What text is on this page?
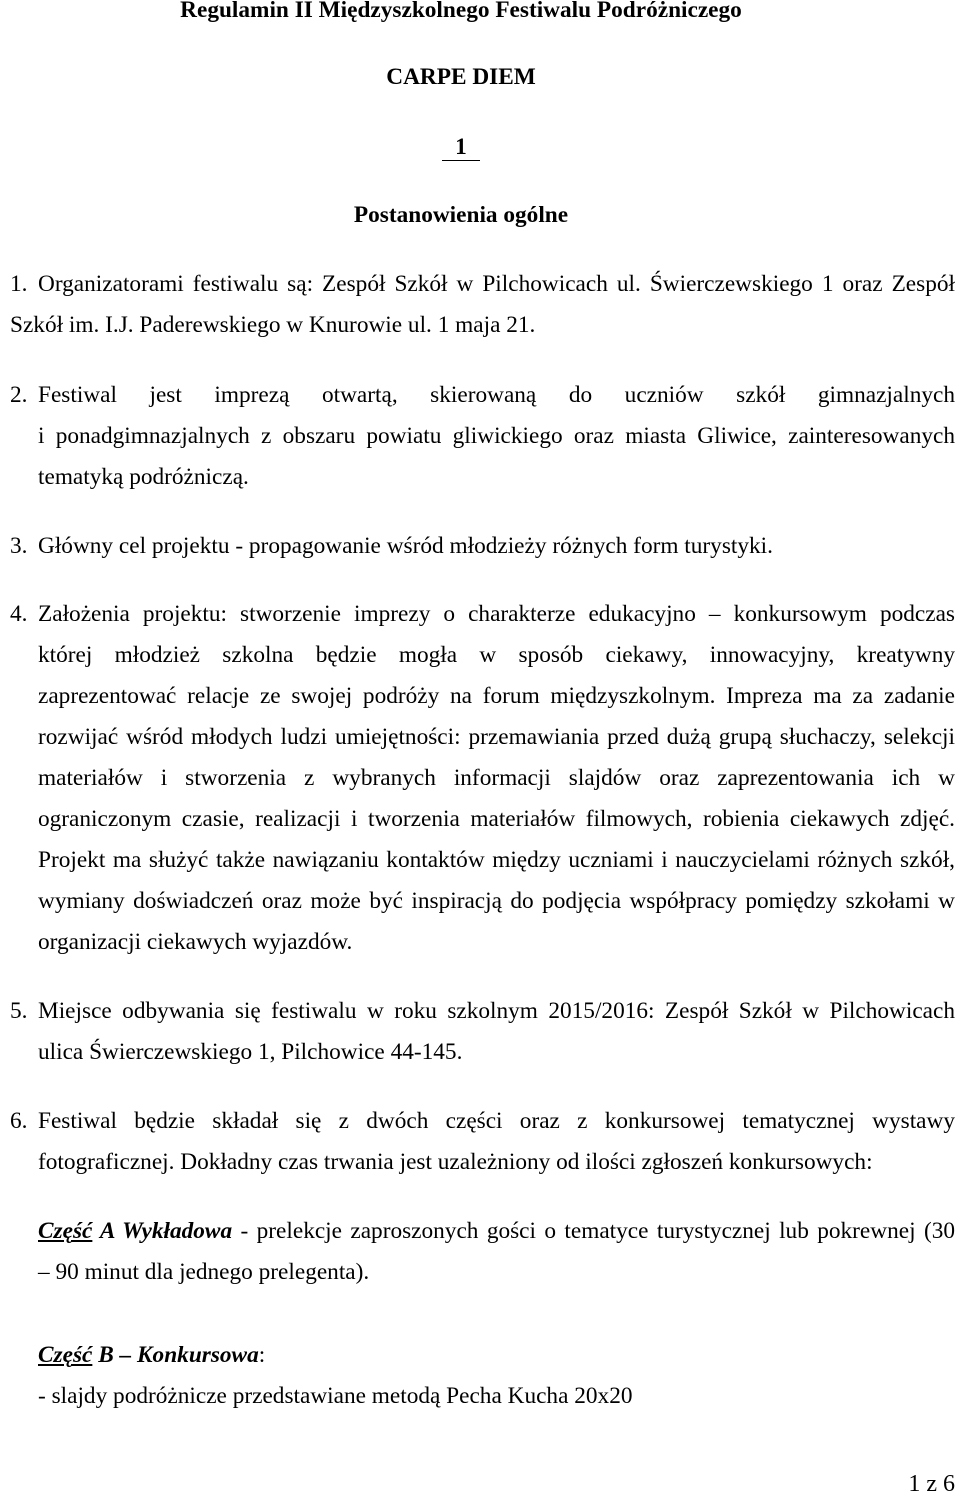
Regulamin II Międzyszkolnego Festiwalu Podróżniczego
CARPE DIEM
1
Postanowienia ogólne
1. Organizatorami festiwalu są: Zespół Szkół w Pilchowicach ul. Świerczewskiego 1 oraz Zespół
Szkół im. I.J. Paderewskiego w Knurowie ul. 1 maja 21.
2. Festiwal jest imprezą otwartą, skierowaną do uczniów szkół gimnazjalnych
i ponadgimnazjalnych z obszaru powiatu gliwickiego oraz miasta Gliwice, zainteresowanych
tematyką podróżniczą.
3. Główny cel projektu - propagowanie wśród młodzieży różnych form turystyki.
4. Założenia projektu: stworzenie imprezy o charakterze edukacyjno – konkursowym podczas
której młodzież szkolna będzie mogła w sposób ciekawy, innowacyjny, kreatywny
zaprezentować relacje ze swojej podróży na forum międzyszkolnym. Impreza ma za zadanie
rozwijać wśród młodych ludzi umiejętności: przemawiania przed dużą grupą słuchaczy, selekcji
materiałów i stworzenia z wybranych informacji slajdów oraz zaprezentowania ich w
ograniczonym czasie, realizacji i tworzenia materiałów filmowych, robienia ciekawych zdjęć.
Projekt ma służyć także nawiązaniu kontaktów między uczniami i nauczycielami różnych szkół,
wymiany doświadczeń oraz może być inspiracją do podjęcia współpracy pomiędzy szkołami w
organizacji ciekawych wyjazdów.
5. Miejsce odbywania się festiwalu w roku szkolnym 2015/2016: Zespół Szkół w Pilchowicach
ulica Świerczewskiego 1, Pilchowice 44-145.
6. Festiwal będzie składał się z dwóch części oraz z konkursowej tematycznej wystawy
fotograficznej. Dokładny czas trwania jest uzależniony od ilości zgłoszeń konkursowych:
Część A Wykładowa - prelekcje zaproszonych gości o tematyce turystycznej lub pokrewnej (30
– 90 minut dla jednego prelegenta).
Część B – Konkursowa:
- slajdy podróżnicze przedstawiane metodą Pecha Kucha 20x20
1 z 6
